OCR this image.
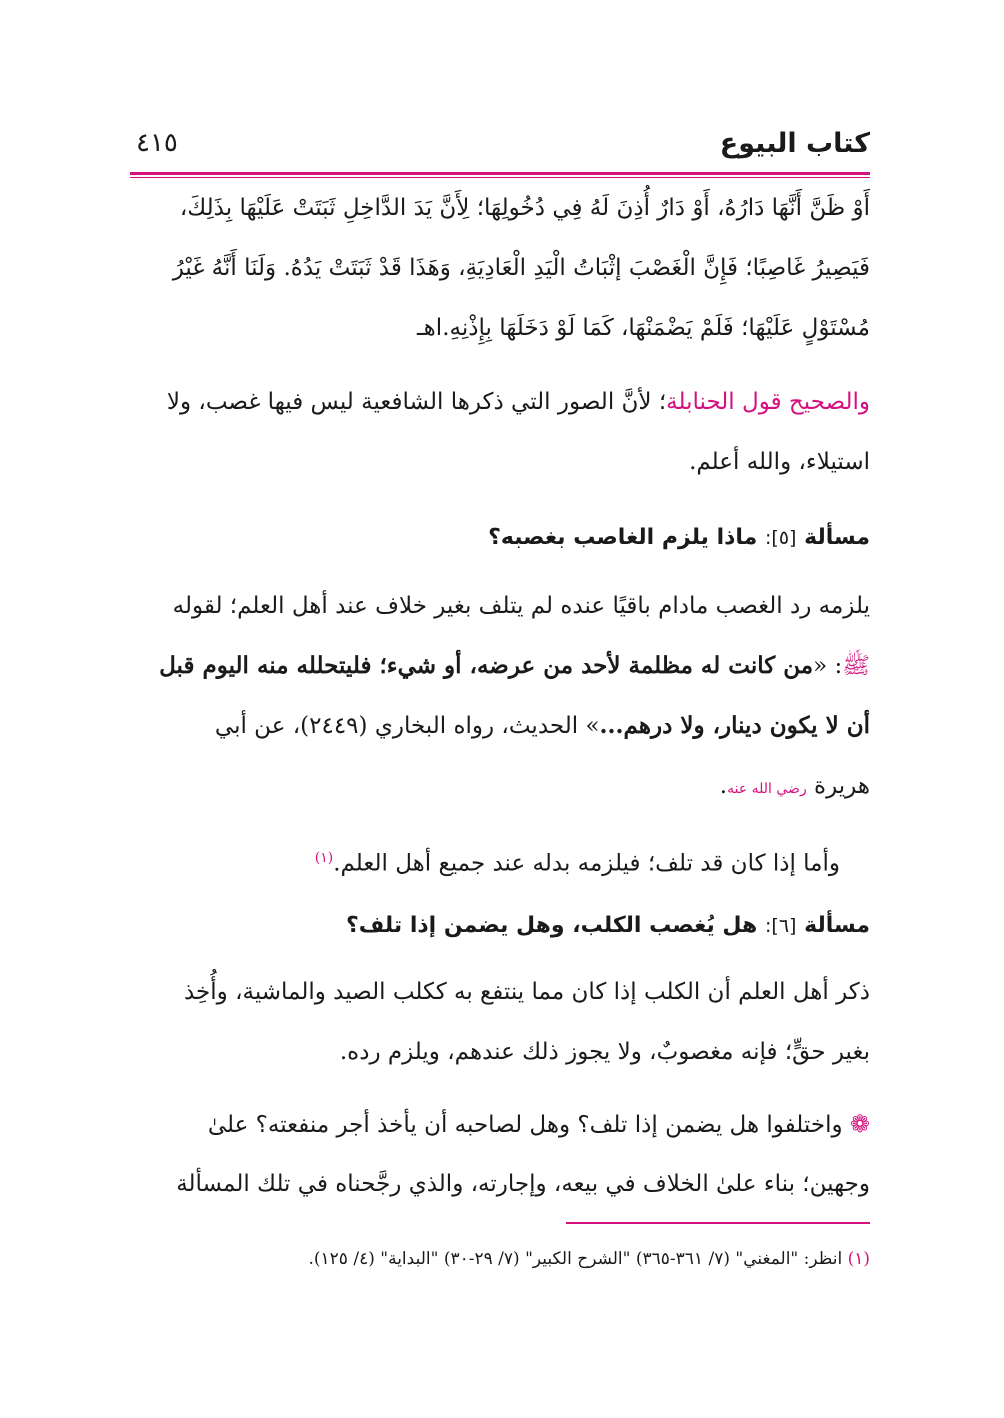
كتاب البيوع
٤١٥
أَوْ ظَنَّ أَنَّهَا دَارُهُ، أَوْ دَارٌ أُذِنَ لَهُ فِي دُخُولِهَا؛ لِأَنَّ يَدَ الدَّاخِلِ ثَبَتَتْ عَلَيْهَا بِذَلِكَ،
فَيَصِيرُ غَاصِبًا؛ فَإِنَّ الْغَصْبَ إثْبَاتُ الْيَدِ الْعَادِيَةِ، وَهَذَا قَدْ ثَبَتَتْ يَدُهُ. وَلَنَا أَنَّهُ غَيْرُ
مُسْتَوْلٍ عَلَيْهَا؛ فَلَمْ يَضْمَنْهَا، كَمَا لَوْ دَخَلَهَا بِإِذْنِهِ.اهـ
والصحيح قول الحنابلة؛ لأنَّ الصور التي ذكرها الشافعية ليس فيها غصب، ولا
استيلاء، والله أعلم.
مسألة [٥]: ماذا يلزم الغاصب بغصبه؟
يلزمه رد الغصب مادام باقيًا عنده لم يتلف بغير خلاف عند أهل العلم؛ لقوله
ﷺ: «من كانت له مظلمة لأحد من عرضه، أو شيء؛ فليتحلله منه اليوم قبل
أن لا يكون دينار، ولا درهم...» الحديث، رواه البخاري (٢٤٤٩)، عن أبي
هريرة رضي الله عنه.
وأما إذا كان قد تلف؛ فيلزمه بدله عند جميع أهل العلم.$^{(١)}$
مسألة [٦]: هل يُغصب الكلب، وهل يضمن إذا تلف؟
ذكر أهل العلم أن الكلب إذا كان مما ينتفع به ككلب الصيد والماشية، وأُخِذ
بغير حقٍّ؛ فإنه مغصوبٌ، ولا يجوز ذلك عندهم، ويلزم رده.
❁ واختلفوا هل يضمن إذا تلف؟ وهل لصاحبه أن يأخذ أجر منفعته؟ علىٰ
وجهين؛ بناء علىٰ الخلاف في بيعه، وإجارته، والذي رجَّحناه في تلك المسألة
(١) انظر: "المغني" (٧/ ٣٦١-٣٦٥) "الشرح الكبير" (٧/ ٢٩-٣٠) "البداية" (٤/ ١٢٥).
